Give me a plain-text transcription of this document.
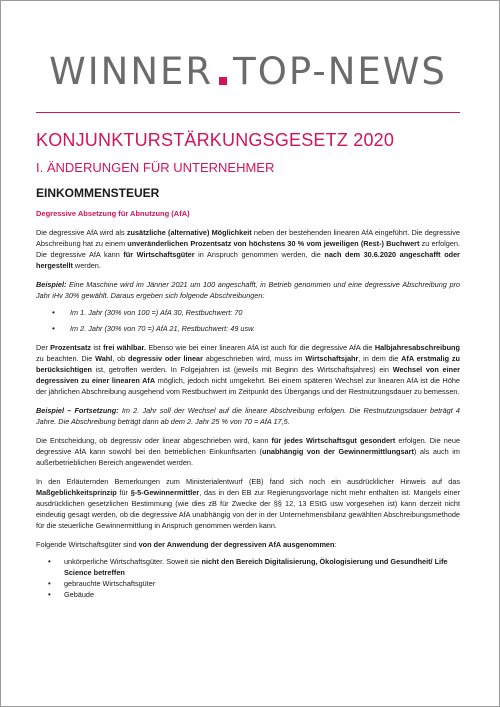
WINNER TOP-NEWS
KONJUNKTURSTÄRKUNGSGESETZ 2020
I. ÄNDERUNGEN FÜR UNTERNEHMER
EINKOMMENSTEUER
Degressive Absetzung für Abnutzung (AfA)

Die degressive AfA wird als zusätzliche (alternative) Möglichkeit neben der bestehenden linearen AfA eingeführt. Die degressive Abschreibung hat zu einem unveränderlichen Prozentsatz von höchstens 30 % vom jeweiligen (Rest-) Buchwert zu erfolgen. Die degressive AfA kann für Wirtschaftsgüter in Anspruch genommen werden, die nach dem 30.6.2020 angeschafft oder hergestellt werden.

Beispiel: Eine Maschine wird im Jänner 2021 um 100 angeschafft, in Betrieb genommen und eine degressive Abschreibung pro Jahr iHv 30% gewählt. Daraus ergeben sich folgende Abschreibungen:

• Im 1. Jahr (30% von 100 =) AfA 30, Restbuchwert: 70
• Im 2. Jahr (30% von 70 =) AfA 21, Restbuchwert: 49 usw.

Der Prozentsatz ist frei wählbar. Ebenso wie bei einer linearen AfA ist auch für die degressive AfA die Halbjahresabschreibung zu beachten. Die Wahl, ob degressiv oder linear abgeschrieben wird, muss im Wirtschaftsjahr, in dem die AfA erstmalig zu berücksichtigen ist, getroffen werden. In Folgejahren ist (jeweils mit Beginn des Wirtschaftsjahres) ein Wechsel von einer degressiven zu einer linearen AfA möglich, jedoch nicht umgekehrt. Bei einem späteren Wechsel zur linearen AfA ist die Höhe der jährlichen Abschreibung ausgehend vom Restbuchwert im Zeitpunkt des Übergangs und der Restnutzungsdauer zu bemessen.

Beispiel – Fortsetzung: Im 2. Jahr soll der Wechsel auf die lineare Abschreibung erfolgen. Die Restnutzungsdauer beträgt 4 Jahre. Die Abschreibung beträgt dann ab dem 2. Jahr 25 % von 70 = AfA 17,5.

Die Entscheidung, ob degressiv oder linear abgeschrieben wird, kann für jedes Wirtschaftsgut gesondert erfolgen. Die neue degressive AfA kann sowohl bei den betrieblichen Einkunftsarten (unabhängig von der Gewinnermittlungsart) als auch im außerbetrieblichen Bereich angewendet werden.

In den Erläuternden Bemerkungen zum Ministerialentwurf (EB) fand sich noch ein ausdrücklicher Hinweis auf das Maßgeblichkeitsprinzip für §-5-Gewinnermittler, das in den EB zur Regierungsvorlage nicht mehr enthalten ist. Mangels einer ausdrücklichen gesetzlichen Bestimmung (wie dies zB für Zwecke der §§ 12, 13 EStG usw vorgesehen ist) kann derzeit nicht eindeutig gesagt werden, ob die degressive AfA unabhängig von der in der Unternehmensbilanz gewählten Abschreibungsmethode für die steuerliche Gewinnermittlung in Anspruch genommen werden kann.

Folgende Wirtschaftsgüter sind von der Anwendung der degressiven AfA ausgenommen:

• unkörperliche Wirtschaftsgüter. Soweit sie nicht den Bereich Digitalisierung, Ökologisierung und Gesundheit/ Life Science betreffen
• gebrauchte Wirtschaftsgüter
• Gebäude
